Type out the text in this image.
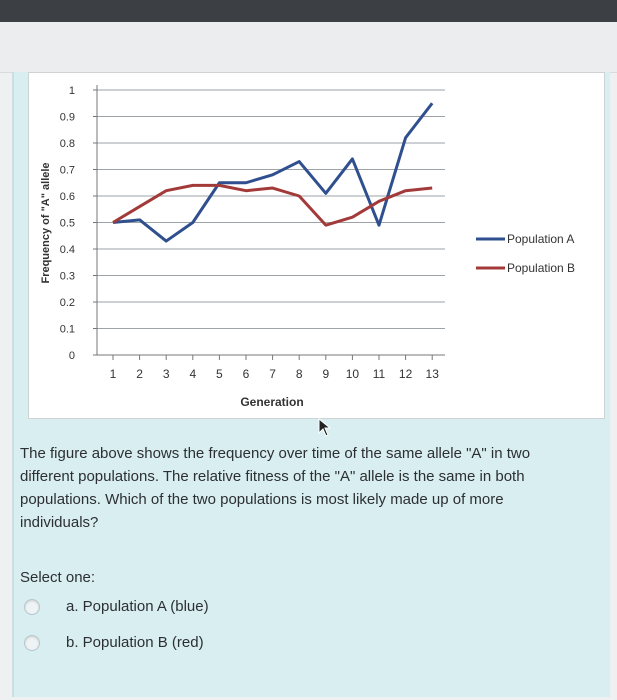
0
0.1
0.2
0.3
0.4
0.5
0.6
0.7
0.8
0.9
1
1 2 3 4 5 6 7 8 9 10 11 12 13
Generation
Frequency of "A" allele	Population A
Population B
The figure above shows the frequency over time of the same allele "A" in two different populations. The relative fitness of the "A" allele is the same in both populations. Which of the two populations is most likely made up of more individuals?
Select one:
a. Population A (blue)
b. Population B (red)
